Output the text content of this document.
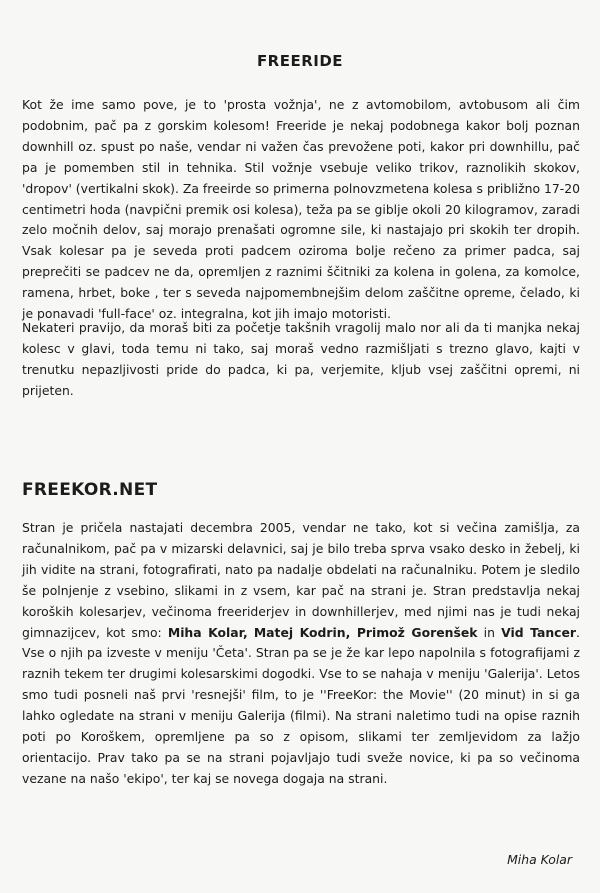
FREERIDE
Kot že ime samo pove, je to 'prosta vožnja', ne z avtomobilom, avtobusom ali čim podobnim, pač pa z gorskim kolesom! Freeride je nekaj podobnega kakor bolj poznan downhill oz. spust po naše, vendar ni važen čas prevožene poti, kakor pri downhillu, pač pa je pomemben stil in tehnika. Stil vožnje vsebuje veliko trikov, raznolikih skokov, 'dropov' (vertikalni skok). Za freeirde so primerna polnovzmetena kolesa s približno 17-20 centimetri hoda (navpični premik osi kolesa), teža pa se giblje okoli 20 kilogramov, zaradi zelo močnih delov, saj morajo prenašati ogromne sile, ki nastajajo pri skokih ter dropih. Vsak kolesar pa je seveda proti padcem oziroma bolje rečeno za primer padca, saj preprečiti se padcev ne da, opremljen z raznimi ščitniki za kolena in golena, za komolce, ramena, hrbet, boke , ter s seveda najpomembnejšim delom zaščitne opreme, čelado, ki je ponavadi 'full-face' oz. integralna, kot jih imajo motoristi.
Nekateri pravijo, da moraš biti za početje takšnih vragolij malo nor ali da ti manjka nekaj kolesc v glavi, toda temu ni tako, saj moraš vedno razmišljati s trezno glavo, kajti v trenutku nepazljivosti pride do padca, ki pa, verjemite, kljub vsej zaščitni opremi, ni prijeten.
FREEKOR.NET
Stran je pričela nastajati decembra 2005, vendar ne tako, kot si večina zamišlja, za računalnikom, pač pa v mizarski delavnici, saj je bilo treba sprva vsako desko in žebelj, ki jih vidite na strani, fotografirati, nato pa nadalje obdelati na računalniku. Potem je sledilo še polnjenje z vsebino, slikami in z vsem, kar pač na strani je. Stran predstavlja nekaj koroških kolesarjev, večinoma freeriderjev in downhillerjev, med njimi nas je tudi nekaj gimnazijcev, kot smo: Miha Kolar, Matej Kodrin, Primož Gorenšek in Vid Tancer. Vse o njih pa izveste v meniju 'Četa'. Stran pa se je že kar lepo napolnila s fotografijami z raznih tekem ter drugimi kolesarskimi dogodki. Vse to se nahaja v meniju 'Galerija'. Letos smo tudi posneli naš prvi 'resnejši' film, to je ''FreeKor: the Movie'' (20 minut) in si ga lahko ogledate na strani v meniju Galerija (filmi). Na strani naletimo tudi na opise raznih poti po Koroškem, opremljene pa so z opisom, slikami ter zemljevidom za lažjo orientacijo. Prav tako pa se na strani pojavljajo tudi sveže novice, ki pa so večinoma vezane na našo 'ekipo', ter kaj se novega dogaja na strani.
Miha Kolar
